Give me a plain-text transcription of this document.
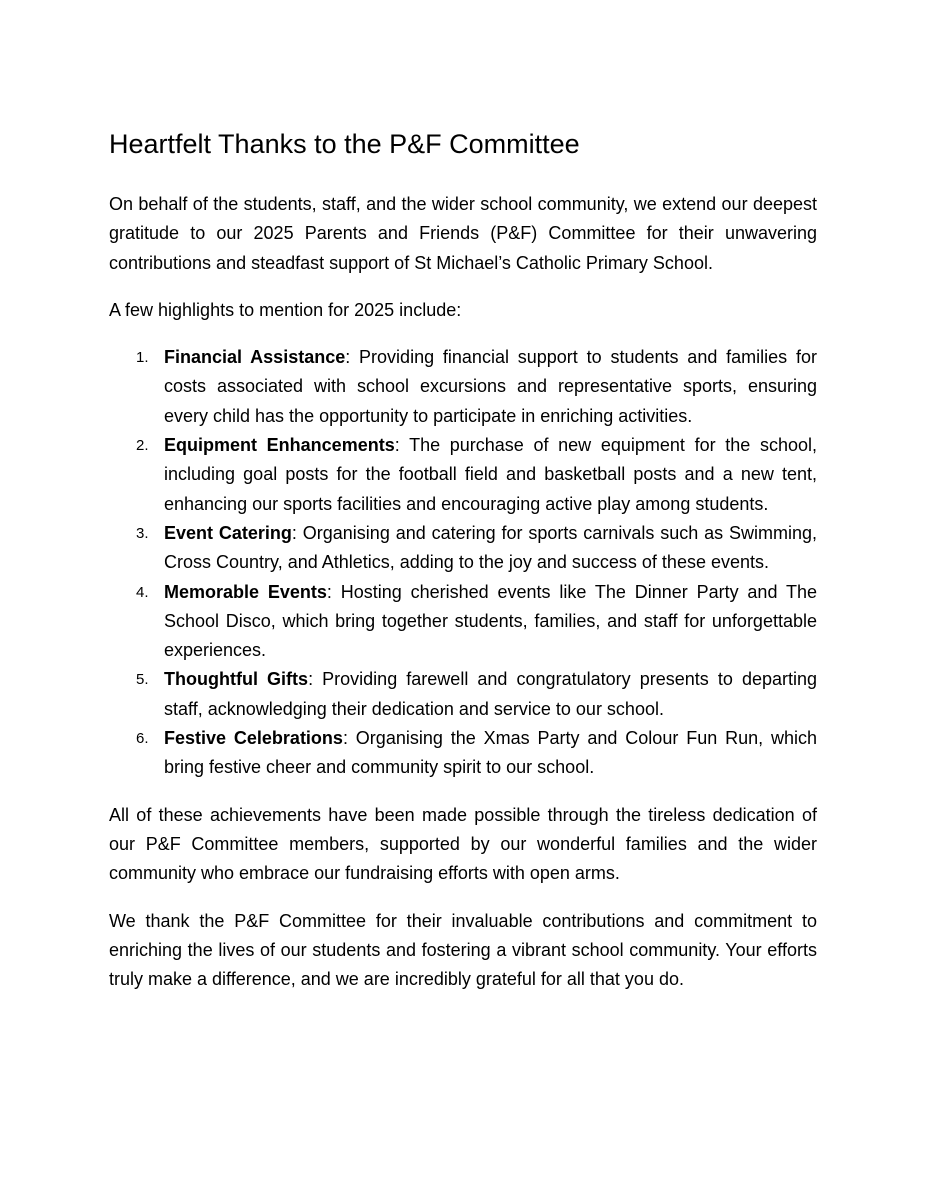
Heartfelt Thanks to the P&F Committee

On behalf of the students, staff, and the wider school community, we extend our deepest gratitude to our 2025 Parents and Friends (P&F) Committee for their unwavering contributions and steadfast support of St Michael’s Catholic Primary School.

A few highlights to mention for 2025 include:

1. Financial Assistance: Providing financial support to students and families for costs associated with school excursions and representative sports, ensuring every child has the opportunity to participate in enriching activities.
2. Equipment Enhancements: The purchase of new equipment for the school, including goal posts for the football field and basketball posts and a new tent, enhancing our sports facilities and encouraging active play among students.
3. Event Catering: Organising and catering for sports carnivals such as Swimming, Cross Country, and Athletics, adding to the joy and success of these events.
4. Memorable Events: Hosting cherished events like The Dinner Party and The School Disco, which bring together students, families, and staff for unforgettable experiences.
5. Thoughtful Gifts: Providing farewell and congratulatory presents to departing staff, acknowledging their dedication and service to our school.
6. Festive Celebrations: Organising the Xmas Party and Colour Fun Run, which bring festive cheer and community spirit to our school.

All of these achievements have been made possible through the tireless dedication of our P&F Committee members, supported by our wonderful families and the wider community who embrace our fundraising efforts with open arms.

We thank the P&F Committee for their invaluable contributions and commitment to enriching the lives of our students and fostering a vibrant school community. Your efforts truly make a difference, and we are incredibly grateful for all that you do.
